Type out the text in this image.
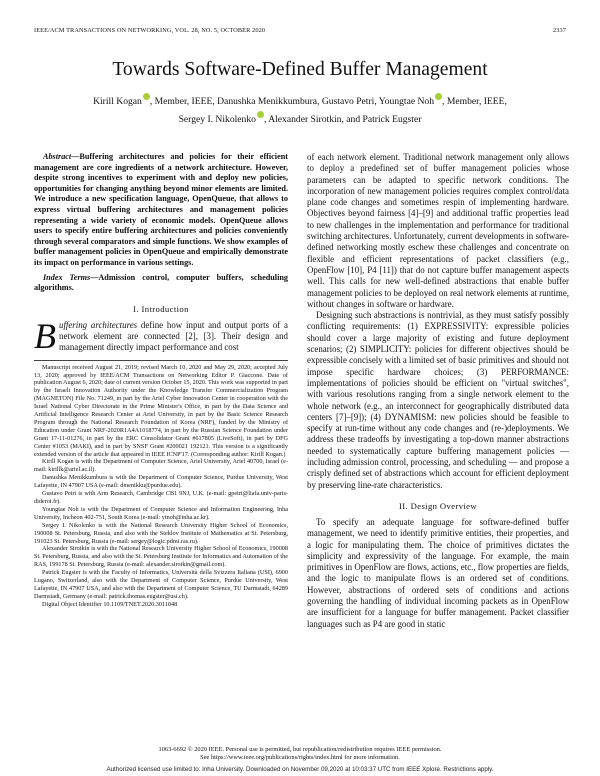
IEEE/ACM TRANSACTIONS ON NETWORKING, VOL. 28, NO. 5, OCTOBER 2020	2337
Towards Software-Defined Buffer Management
Kirill Kogan , Member, IEEE, Danushka Menikkumbura, Gustavo Petri, Youngtae Noh , Member, IEEE,
Sergey I. Nikolenko , Alexander Sirotkin, and Patrick Eugster

Abstract—Buffering architectures and policies for their efficient management are core ingredients of a network architecture. However, despite strong incentives to experiment with and deploy new policies, opportunities for changing anything beyond minor elements are limited. We introduce a new specification language, OpenQueue, that allows to express virtual buffering architectures and management policies representing a wide variety of economic models. OpenQueue allows users to specify entire buffering architectures and policies conveniently through several comparators and simple functions. We show examples of buffer management policies in OpenQueue and empirically demonstrate its impact on performance in various settings.

Index Terms—Admission control, computer buffers, scheduling algorithms.

I. Introduction

Buffering architectures define how input and output ports of a network element are connected [2], [3]. Their design and management directly impact performance and cost

Manuscript received August 21, 2019; revised March 10, 2020 and May 29, 2020; accepted July 13, 2020; approved by IEEE/ACM Transactions on Networking Editor P. Giaccone. Date of publication August 6, 2020; date of current version October 15, 2020. This work was supported in part by the Israeli Innovation Authority under the Knowledge Transfer Commercialization Program (MAGNETON) File No. 71249, in part by the Ariel Cyber Innovation Center in cooperation with the Israel National Cyber Directorate in the Prime Minister's Office, in part by the Data Science and Artificial Intelligence Research Center at Ariel University, in part by the Basic Science Research Program through the National Research Foundation of Korea (NRF), funded by the Ministry of Education under Grant NRF-2020R1A4A1018774, in part by the Russian Science Foundation under Grant 17-11-01276, in part by the ERC Consolidator Grant #617805 (LiveSoft), in part by DFG Center #1053 (MAKI), and in part by SNSF Grant #200021 192121. This version is a significantly extended version of the article that appeared in IEEE ICNP'17. (Corresponding author: Kirill Kogan.)

Kirill Kogan is with the Department of Computer Science, Ariel University, Ariel 40700, Israel (e-mail: kirillk@ariel.ac.il).

Danushka Menikkumbura is with the Department of Computer Science, Purdue University, West Lafayette, IN 47907 USA (e-mail: dmenikku@purdue.edu).

Gustavo Petri is with Arm Research, Cambridge CB1 9NJ, U.K. (e-mail: gpetri@liafa.univ-paris-diderot.fr).

Youngtae Noh is with the Department of Computer Science and Information Engineering, Inha University, Incheon 402-751, South Korea (e-mail: ytnoh@inha.ac.kr).

Sergey I. Nikolenko is with the National Research University Higher School of Economics, 190008 St. Petersburg, Russia, and also with the Steklov Institute of Mathematics at St. Petersburg, 191023 St. Petersburg, Russia (e-mail: sergey@logic.pdmi.ras.ru).

Alexander Sirotkin is with the National Research University Higher School of Economics, 190008 St. Petersburg, Russia, and also with the St. Petersburg Institute for Informatics and Automation of the RAS, 199178 St. Petersburg, Russia (e-mail: alexander.sirotkin@gmail.com).

Patrick Eugster is with the Faculty of Informatics, Università della Svizzera Italiana (USI), 6900 Lugano, Switzerland, also with the Department of Computer Science, Purdue University, West Lafayette, IN 47907 USA, and also with the Department of Computer Science, TU Darmstadt, 64289 Darmstadt, Germany (e-mail: patrick.thomas.eugster@usi.ch).

Digital Object Identifier 10.1109/TNET.2020.3011048

of each network element. Traditional network management only allows to deploy a predefined set of buffer management policies whose parameters can be adapted to specific network conditions. The incorporation of new management policies requires complex control/data plane code changes and sometimes respin of implementing hardware. Objectives beyond fairness [4]–[9] and additional traffic properties lead to new challenges in the implementation and performance for traditional switching architectures. Unfortunately, current developments in software-defined networking mostly eschew these challenges and concentrate on flexible and efficient representations of packet classifiers (e.g., OpenFlow [10], P4 [11]) that do not capture buffer management aspects well. This calls for new well-defined abstractions that enable buffer management policies to be deployed on real network elements at runtime, without changes in software or hardware.

Designing such abstractions is nontrivial, as they must satisfy possibly conflicting requirements: (1) EXPRESSIVITY: expressible policies should cover a large majority of existing and future deployment scenarios; (2) SIMPLICITY: policies for different objectives should be expressible concisely with a limited set of basic primitives and should not impose specific hardware choices; (3) PERFORMANCE: implementations of policies should be efficient on "virtual switches", with various resolutions ranging from a single network element to the whole network (e.g., an interconnect for geographically distributed data centers [7]–[9]); (4) DYNAMISM: new policies should be feasible to specify at run-time without any code changes and (re-)deployments. We address these tradeoffs by investigating a top-down manner abstractions needed to systematically capture buffering management policies — including admission control, processing, and scheduling — and propose a crisply defined set of abstractions which account for efficient deployment by preserving line-rate characteristics.

II. Design Overview

To specify an adequate language for software-defined buffer management, we need to identify primitive entities, their properties, and a logic for manipulating them. The choice of primitives dictates the simplicity and expressivity of the language. For example, the main primitives in OpenFlow are flows, actions, etc., flow properties are fields, and the logic to manipulate flows is an ordered set of conditions. However, abstractions of ordered sets of conditions and actions governing the handling of individual incoming packets as in OpenFlow are insufficient for a language for buffer management. Packet classifier languages such as P4 are good in static

1063-6692 © 2020 IEEE. Personal use is permitted, but republication/redistribution requires IEEE permission.
See https://www.ieee.org/publications/rights/index.html for more information.
Authorized licensed use limited to: Inha University. Downloaded on November 09,2020 at 10:03:37 UTC from IEEE Xplore. Restrictions apply.
